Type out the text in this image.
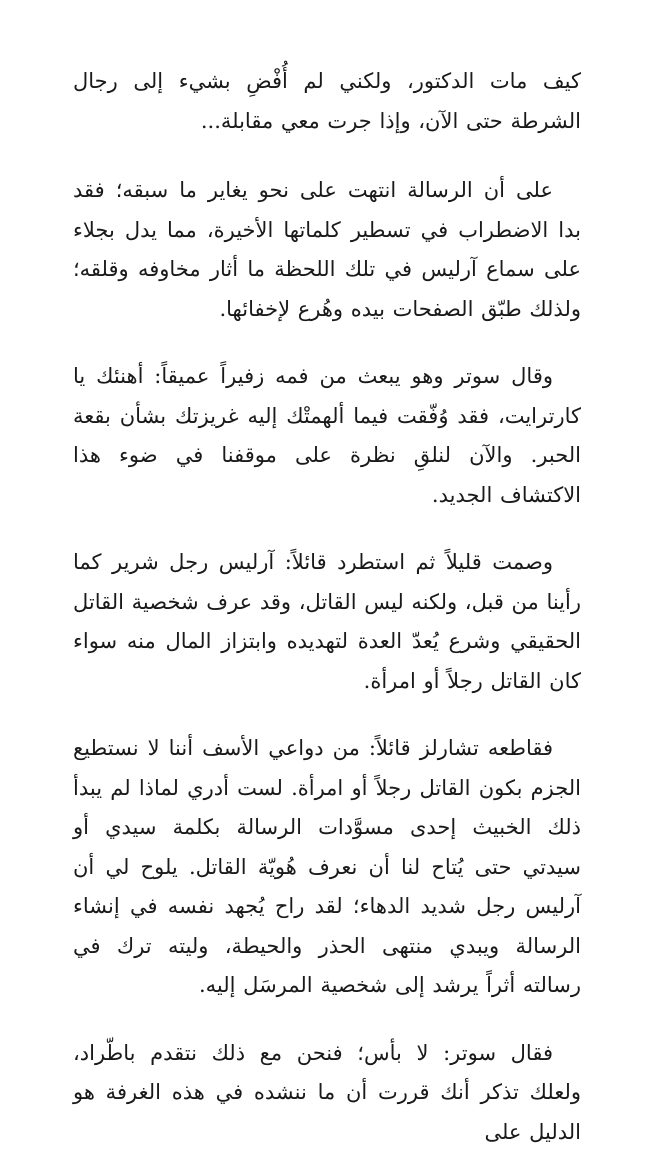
كيف مات الدكتور، ولكني لم أُفْضِ بشيء إلى رجال الشرطة حتى الآن، وإذا جرت معي مقابلة...

على أن الرسالة انتهت على نحو يغاير ما سبقه؛ فقد بدا الاضطراب في تسطير كلماتها الأخيرة، مما يدل بجلاء على سماع آرليس في تلك اللحظة ما أثار مخاوفه وقلقه؛ ولذلك طبّق الصفحات بيده وهُرع لإخفائها.

وقال سوتر وهو يبعث من فمه زفيراً عميقاً: أهنئك يا كارترايت، فقد وُفّقت فيما ألهمتْك إليه غريزتك بشأن بقعة الحبر. والآن لنلقِ نظرة على موقفنا في ضوء هذا الاكتشاف الجديد.

وصمت قليلاً ثم استطرد قائلاً: آرليس رجل شرير كما رأينا من قبل، ولكنه ليس القاتل، وقد عرف شخصية القاتل الحقيقي وشرع يُعدّ العدة لتهديده وابتزاز المال منه سواء كان القاتل رجلاً أو امرأة.

فقاطعه تشارلز قائلاً: من دواعي الأسف أننا لا نستطيع الجزم بكون القاتل رجلاً أو امرأة. لست أدري لماذا لم يبدأ ذلك الخبيث إحدى مسوَّدات الرسالة بكلمة سيدي أو سيدتي حتى يُتاح لنا أن نعرف هُويّة القاتل. يلوح لي أن آرليس رجل شديد الدهاء؛ لقد راح يُجهد نفسه في إنشاء الرسالة ويبدي منتهى الحذر والحيطة، وليته ترك في رسالته أثراً يرشد إلى شخصية المرسَل إليه.

فقال سوتر: لا بأس؛ فنحن مع ذلك نتقدم باطّراد، ولعلك تذكر أنك قررت أن ما ننشده في هذه الغرفة هو الدليل على
